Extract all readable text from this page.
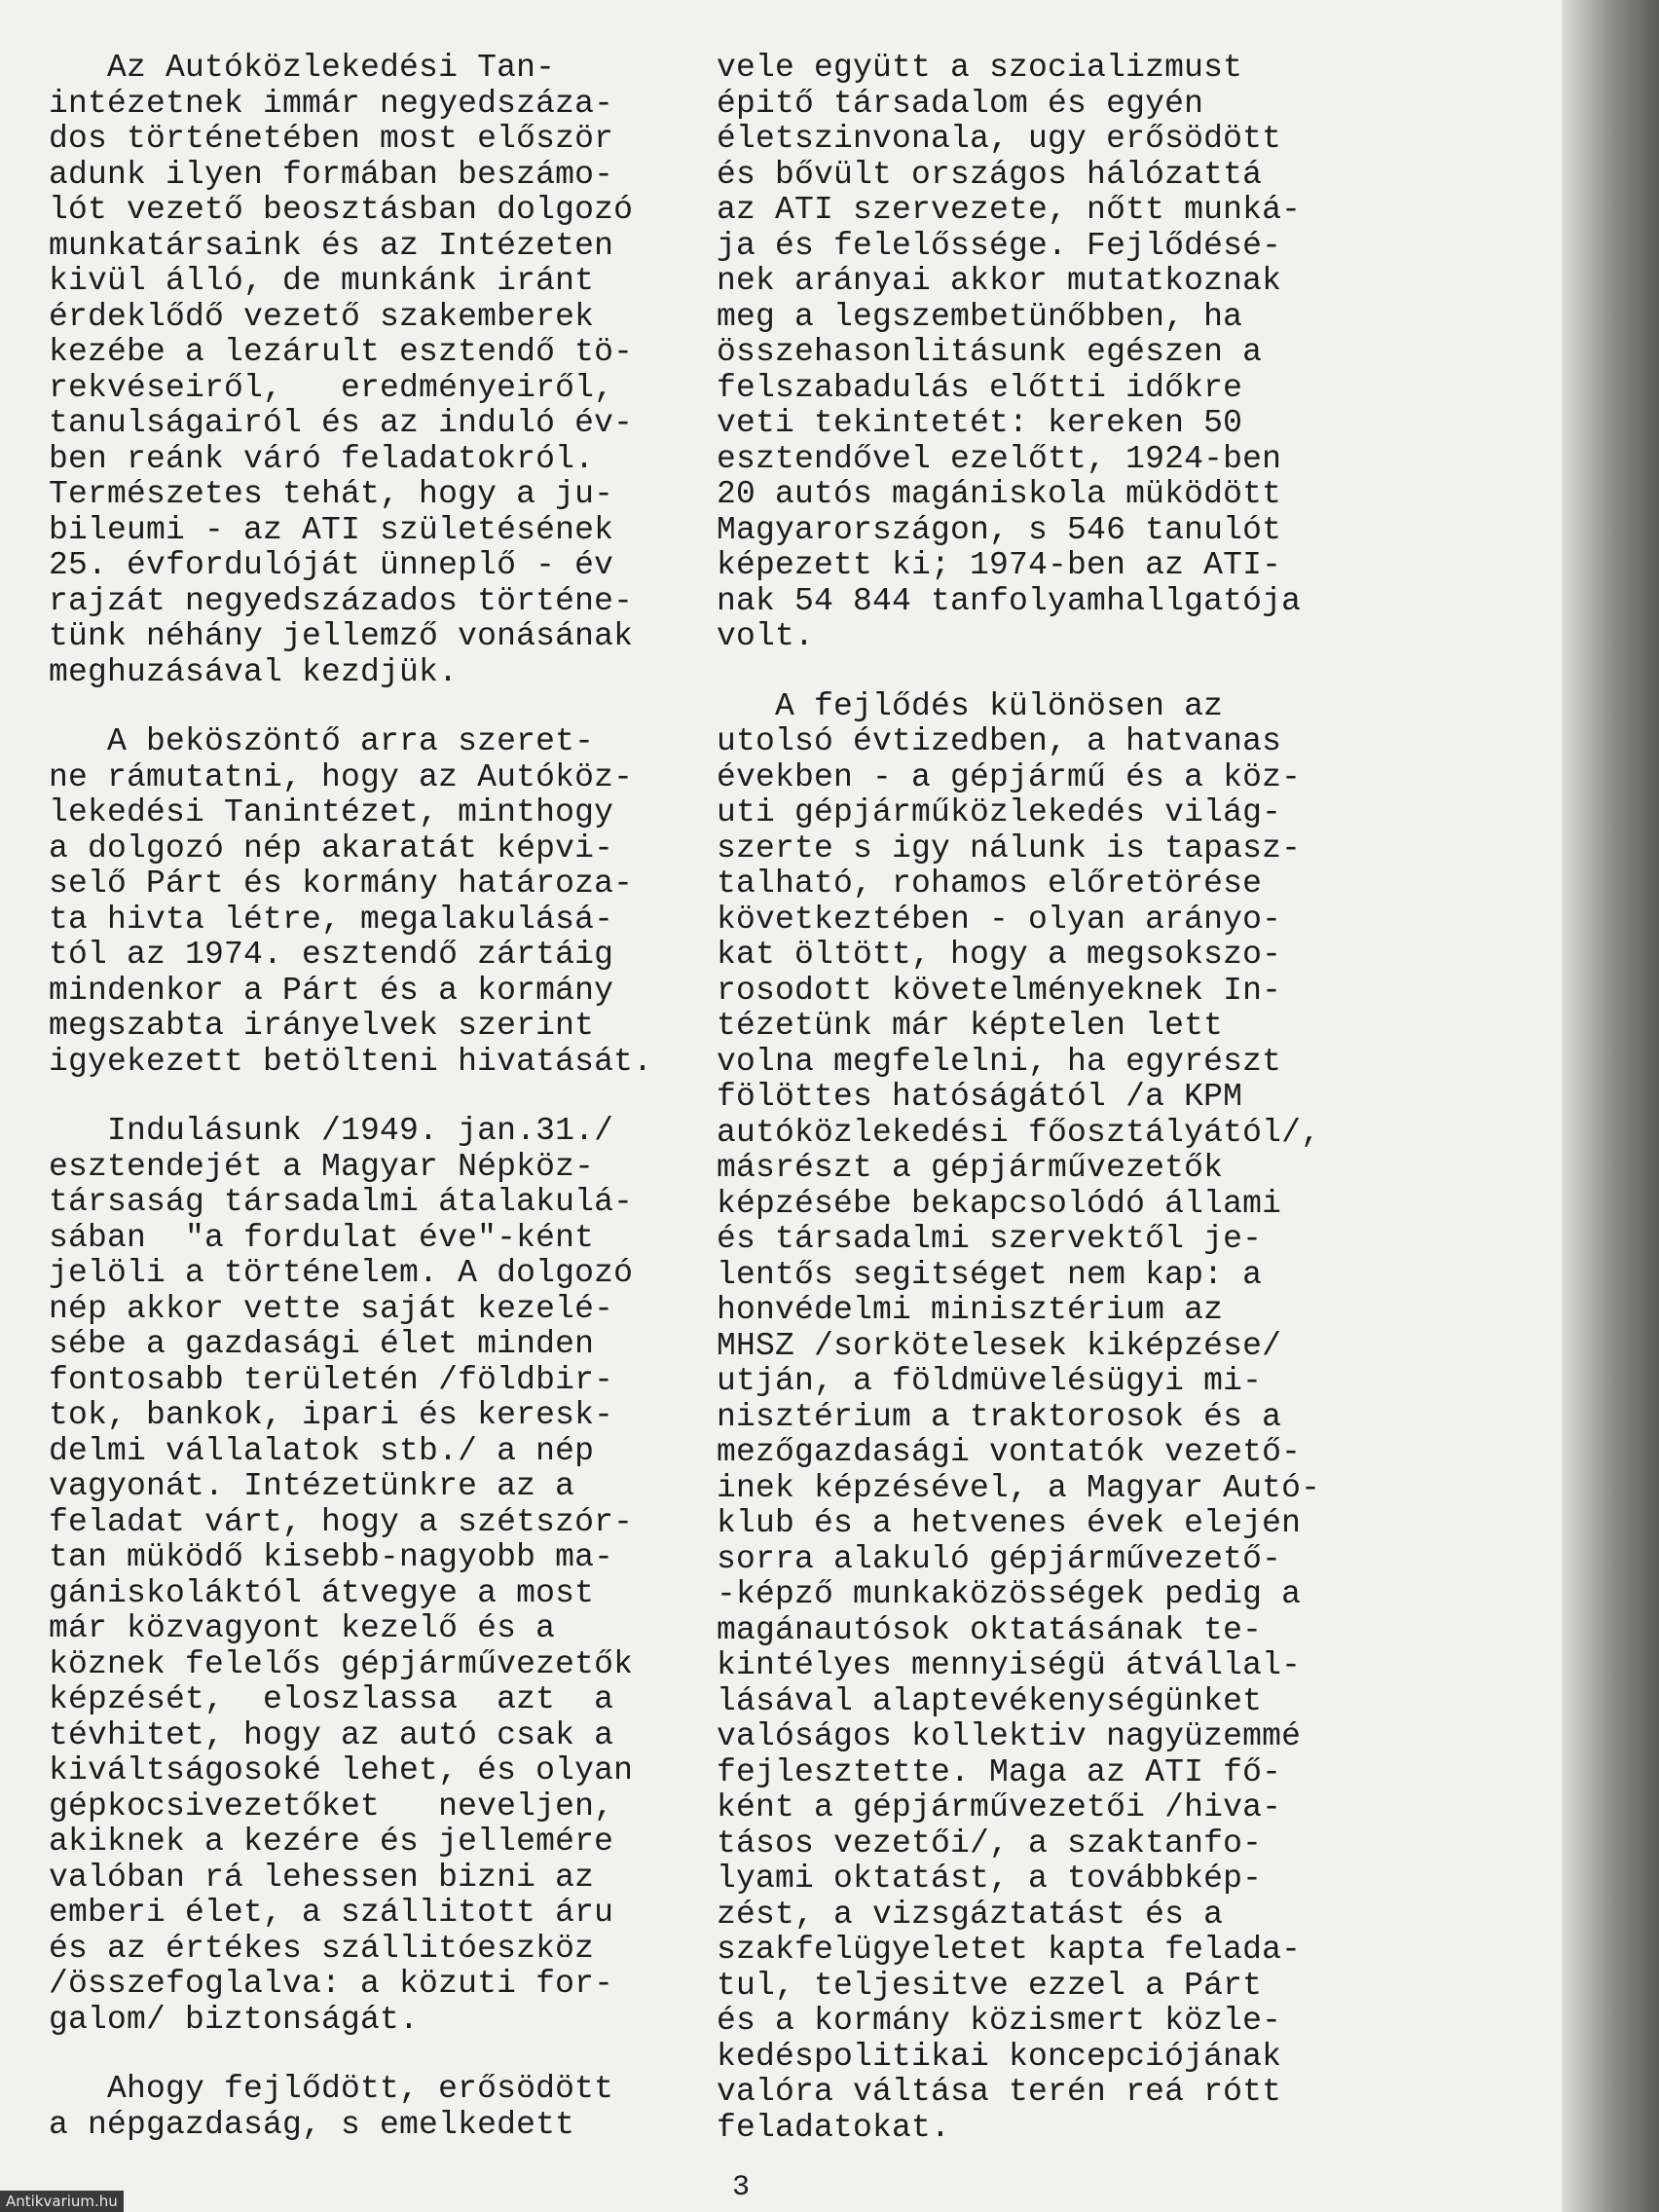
Az Autóközlekedési Tan-
intézetnek immár negyedszáza-
dos történetében most először
adunk ilyen formában beszámo-
lót vezető beosztásban dolgozó
munkatársaink és az Intézeten
kivül álló, de munkánk iránt
érdeklődő vezető szakemberek
kezébe a lezárult esztendő tö-
rekvéseiről,   eredményeiről,
tanulságairól és az induló év-
ben reánk váró feladatokról.
Természetes tehát, hogy a ju-
bileumi - az ATI születésének
25. évfordulóját ünneplő - év
rajzát negyedszázados történe-
tünk néhány jellemző vonásának
meghuzásával kezdjük.
A beköszöntő arra szeret-
ne rámutatni, hogy az Autóköz-
lekedési Tanintézet, minthogy
a dolgozó nép akaratát képvi-
selő Párt és kormány határoza-
ta hivta létre, megalakulásá-
tól az 1974. esztendő zártáig
mindenkor a Párt és a kormány
megszabta irányelvek szerint
igyekezett betölteni hivatását.
Indulásunk /1949. jan.31./
esztendejét a Magyar Népköz-
társaság társadalmi átalakulá-
sában  "a fordulat éve"-ként
jelöli a történelem. A dolgozó
nép akkor vette saját kezelé-
sébe a gazdasági élet minden
fontosabb területén /földbir-
tok, bankok, ipari és keresk-
delmi vállalatok stb./ a nép
vagyonát. Intézetünkre az a
feladat várt, hogy a szétszór-
tan müködő kisebb-nagyobb ma-
gániskoláktól átvegye a most
már közvagyont kezelő és a
köznek felelős gépjárművezetők
képzését,  eloszlassa  azt  a
tévhitet, hogy az autó csak a
kiváltságosoké lehet, és olyan
gépkocsivezetőket   neveljen,
akiknek a kezére és jellemére
valóban rá lehessen bizni az
emberi élet, a szállitott áru
és az értékes szállitóeszköz
/összefoglalva: a közuti for-
galom/ biztonságát.
Ahogy fejlődött, erősödött
a népgazdaság, s emelkedett
vele együtt a szocializmust
épitő társadalom és egyén
életszinvonala, ugy erősödött
és bővült országos hálózattá
az ATI szervezete, nőtt munká-
ja és felelőssége. Fejlődésé-
nek arányai akkor mutatkoznak
meg a legszembetünőbben, ha
összehasonlitásunk egészen a
felszabadulás előtti időkre
veti tekintetét: kereken 50
esztendővel ezelőtt, 1924-ben
20 autós magániskola müködött
Magyarországon, s 546 tanulót
képezett ki; 1974-ben az ATI-
nak 54 844 tanfolyamhallgatója
volt.
A fejlődés különösen az
utolsó évtizedben, a hatvanas
években - a gépjármű és a köz-
uti gépjárműközlekedés világ-
szerte s igy nálunk is tapasz-
talható, rohamos előretörése
következtében - olyan arányo-
kat öltött, hogy a megsokszo-
rosodott követelményeknek In-
tézetünk már képtelen lett
volna megfelelni, ha egyrészt
fölöttes hatóságától /a KPM
autóközlekedési főosztályától/,
másrészt a gépjárművezetők
képzésébe bekapcsolódó állami
és társadalmi szervektől je-
lentős segitséget nem kap: a
honvédelmi minisztérium az
MHSZ /sorkötelesek kiképzése/
utján, a földmüvelésügyi mi-
nisztérium a traktorosok és a
mezőgazdasági vontatók vezető-
inek képzésével, a Magyar Autó-
klub és a hetvenes évek elején
sorra alakuló gépjárművezető-
-képző munkaközösségek pedig a
magánautósok oktatásának te-
kintélyes mennyiségü átvállal-
lásával alaptevékenységünket
valóságos kollektiv nagyüzemmé
fejlesztette. Maga az ATI fő-
ként a gépjárművezetői /hiva-
tásos vezetői/, a szaktanfo-
lyami oktatást, a továbbkép-
zést, a vizsgáztatást és a
szakfelügyeletet kapta felada-
tul, teljesitve ezzel a Párt
és a kormány közismert közle-
kedéspolitikai koncepciójának
valóra váltása terén reá rótt
feladatokat.
3
Antikvarium.hu
